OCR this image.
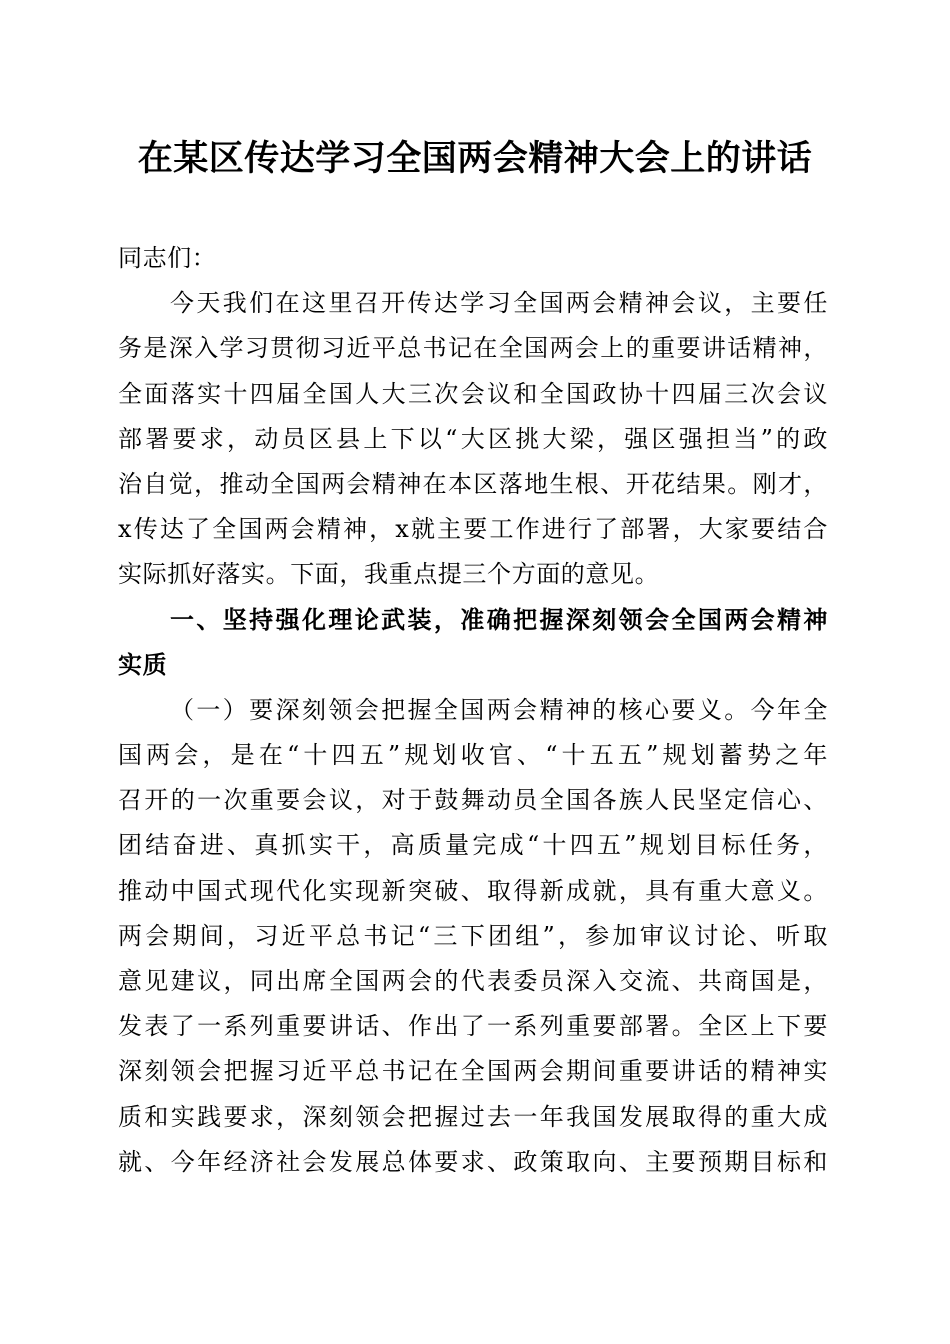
在某区传达学习全国两会精神大会上的讲话
同志们：
今天我们在这里召开传达学习全国两会精神会议，主要任
务是深入学习贯彻习近平总书记在全国两会上的重要讲话精神，
全面落实十四届全国人大三次会议和全国政协十四届三次会议
部署要求，动员区县上下以“大区挑大梁，强区强担当”的政
治自觉，推动全国两会精神在本区落地生根、开花结果。刚才，
x传达了全国两会精神，x就主要工作进行了部署，大家要结合
实际抓好落实。下面，我重点提三个方面的意见。
一、坚持强化理论武装，准确把握深刻领会全国两会精神
实质
（一）要深刻领会把握全国两会精神的核心要义。今年全
国两会，是在“十四五”规划收官、“十五五”规划蓄势之年
召开的一次重要会议，对于鼓舞动员全国各族人民坚定信心、
团结奋进、真抓实干，高质量完成“十四五”规划目标任务，
推动中国式现代化实现新突破、取得新成就，具有重大意义。
两会期间，习近平总书记“三下团组”，参加审议讨论、听取
意见建议，同出席全国两会的代表委员深入交流、共商国是，
发表了一系列重要讲话、作出了一系列重要部署。全区上下要
深刻领会把握习近平总书记在全国两会期间重要讲话的精神实
质和实践要求，深刻领会把握过去一年我国发展取得的重大成
就、今年经济社会发展总体要求、政策取向、主要预期目标和
